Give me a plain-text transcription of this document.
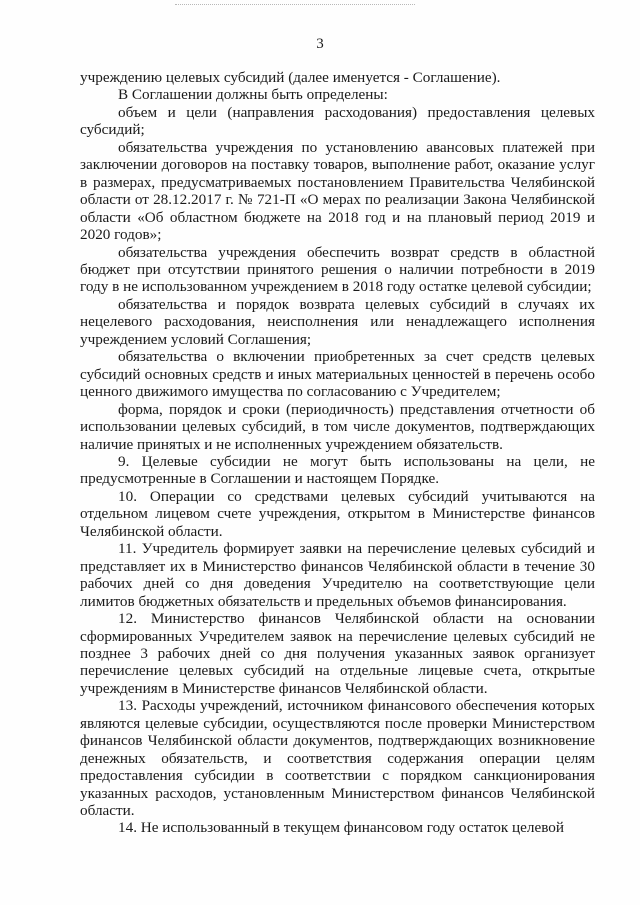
3

учреждению целевых субсидий (далее именуется - Соглашение).

В Соглашении должны быть определены:

объем и цели (направления расходования) предоставления целевых субсидий;

обязательства учреждения по установлению авансовых платежей при заключении договоров на поставку товаров, выполнение работ, оказание услуг в размерах, предусматриваемых постановлением Правительства Челябинской области от 28.12.2017 г. № 721-П «О мерах по реализации Закона Челябинской области «Об областном бюджете на 2018 год и на плановый период 2019 и 2020 годов»;

обязательства учреждения обеспечить возврат средств в областной бюджет при отсутствии принятого решения о наличии потребности в 2019 году в не использованном учреждением в 2018 году остатке целевой субсидии;

обязательства и порядок возврата целевых субсидий в случаях их нецелевого расходования, неисполнения или ненадлежащего исполнения учреждением условий Соглашения;

обязательства о включении приобретенных за счет средств целевых субсидий основных средств и иных материальных ценностей в перечень особо ценного движимого имущества по согласованию с Учредителем;

форма, порядок и сроки (периодичность) представления отчетности об использовании целевых субсидий, в том числе документов, подтверждающих наличие принятых и не исполненных учреждением обязательств.

9. Целевые субсидии не могут быть использованы на цели, не предусмотренные в Соглашении и настоящем Порядке.

10. Операции со средствами целевых субсидий учитываются на отдельном лицевом счете учреждения, открытом в Министерстве финансов Челябинской области.

11. Учредитель формирует заявки на перечисление целевых субсидий и представляет их в Министерство финансов Челябинской области в течение 30 рабочих дней со дня доведения Учредителю на соответствующие цели лимитов бюджетных обязательств и предельных объемов финансирования.

12. Министерство финансов Челябинской области на основании сформированных Учредителем заявок на перечисление целевых субсидий не позднее 3 рабочих дней со дня получения указанных заявок организует перечисление целевых субсидий на отдельные лицевые счета, открытые учреждениям в Министерстве финансов Челябинской области.

13. Расходы учреждений, источником финансового обеспечения которых являются целевые субсидии, осуществляются после проверки Министерством финансов Челябинской области документов, подтверждающих возникновение денежных обязательств, и соответствия содержания операции целям предоставления субсидии в соответствии с порядком санкционирования указанных расходов, установленным Министерством финансов Челябинской области.

14. Не использованный в текущем финансовом году остаток целевой
